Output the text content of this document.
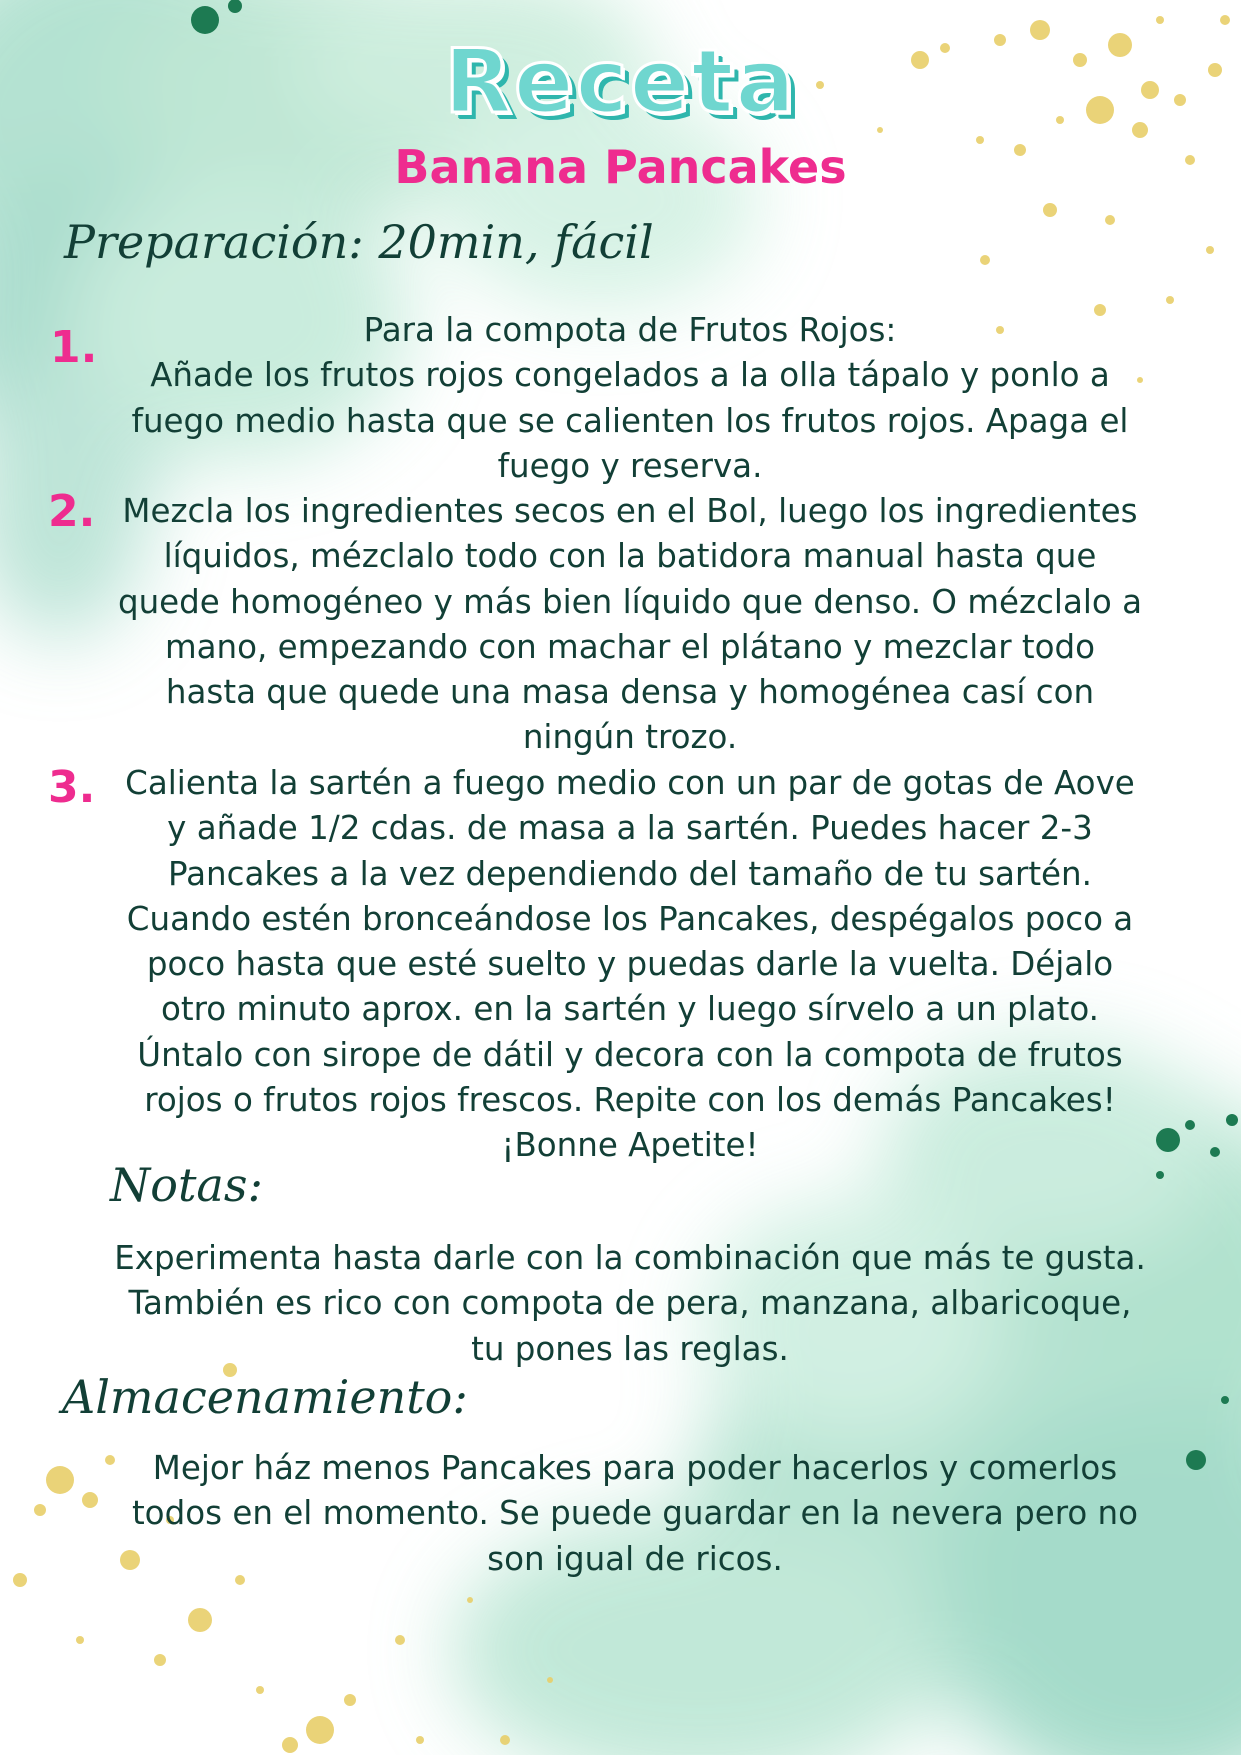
Receta
Banana Pancakes
Preparación: 20min, fácil
1.	Para la compota de Frutos Rojos:
Añade los frutos rojos congelados a la olla tápalo y ponlo a
fuego medio hasta que se calienten los frutos rojos. Apaga el
fuego y reserva.
2. Mezcla los ingredientes secos en el Bol, luego los ingredientes
líquidos, mézclalo todo con la batidora manual hasta que
quede homogéneo y más bien líquido que denso. O mézclalo a
mano, empezando con machar el plátano y mezclar todo
hasta que quede una masa densa y homogénea casí con
ningún trozo.
3. Calienta la sartén a fuego medio con un par de gotas de Aove
y añade 1/2 cdas. de masa a la sartén. Puedes hacer 2-3
Pancakes a la vez dependiendo del tamaño de tu sartén.
Cuando estén bronceándose los Pancakes, despégalos poco a
poco hasta que esté suelto y puedas darle la vuelta. Déjalo
otro minuto aprox. en la sartén y luego sírvelo a un plato.
Úntalo con sirope de dátil y decora con la compota de frutos
rojos o frutos rojos frescos. Repite con los demás Pancakes!
¡Bonne Apetite!
Notas:
Experimenta hasta darle con la combinación que más te gusta.
También es rico con compota de pera, manzana, albaricoque,
tu pones las reglas.
Almacenamiento:
Mejor ház menos Pancakes para poder hacerlos y comerlos
todos en el momento. Se puede guardar en la nevera pero no
son igual de ricos.
